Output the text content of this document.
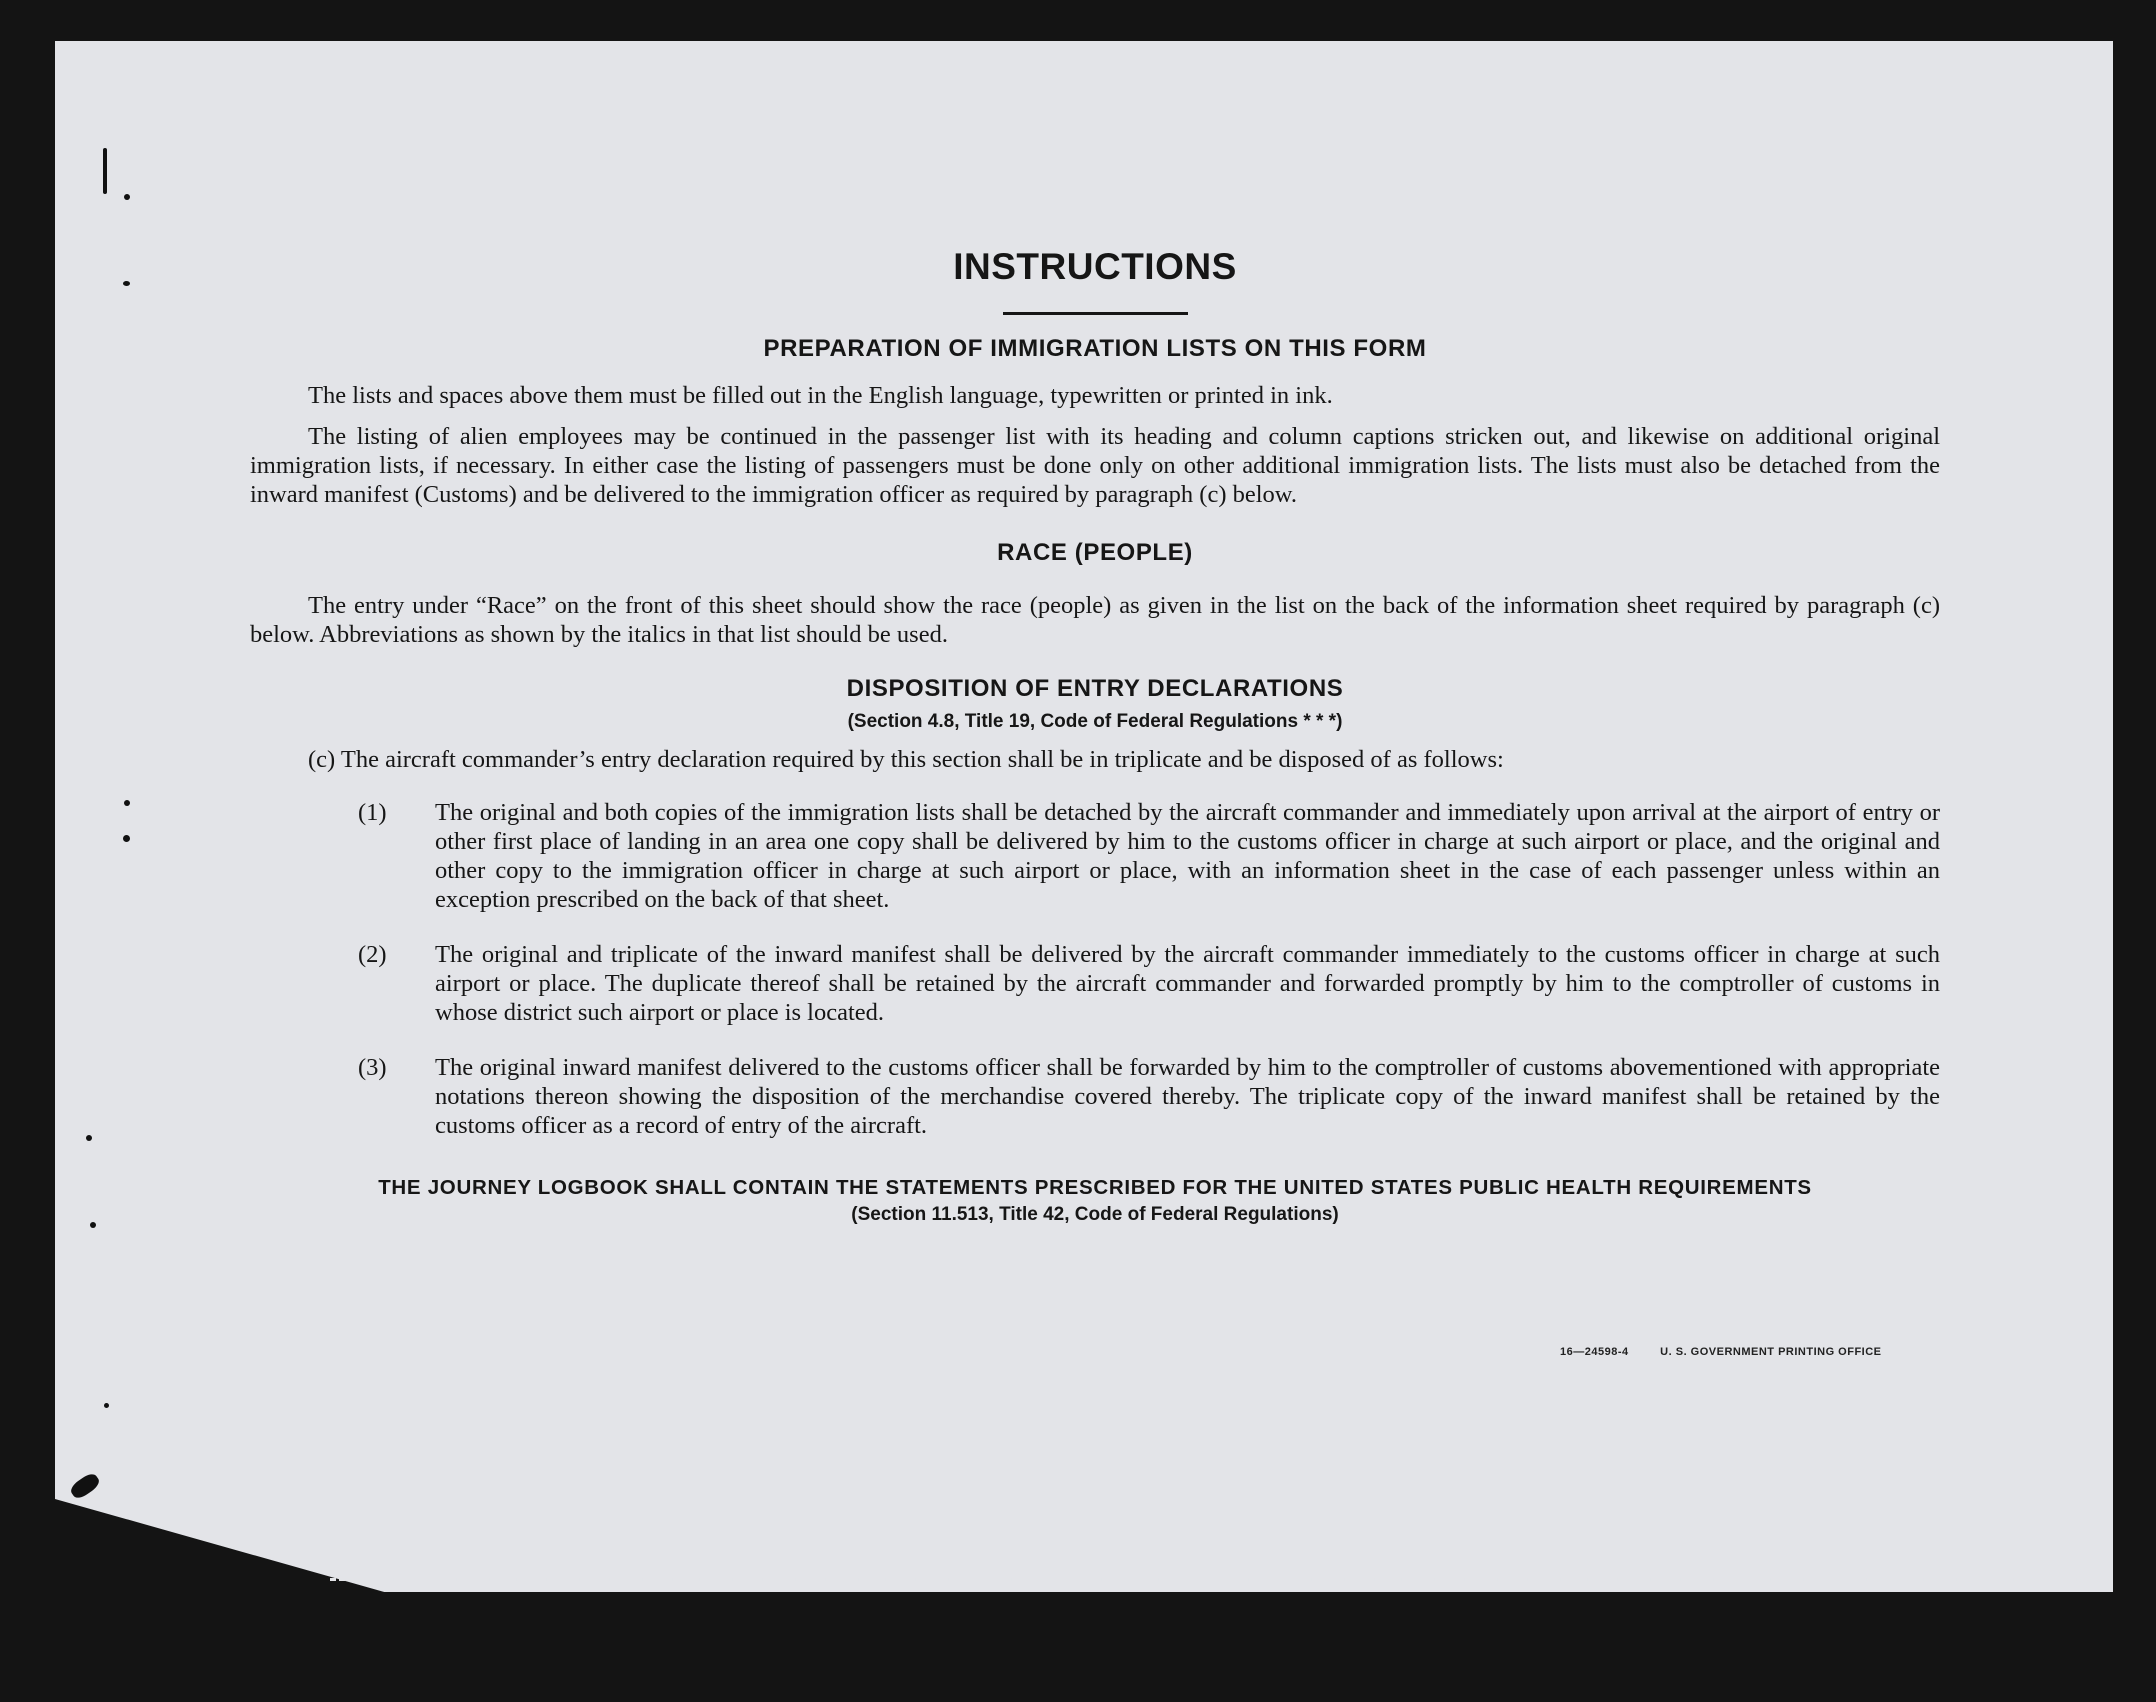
INSTRUCTIONS
PREPARATION OF IMMIGRATION LISTS ON THIS FORM

The lists and spaces above them must be filled out in the English language, typewritten or printed in ink.

The listing of alien employees may be continued in the passenger list with its heading and column captions stricken out, and likewise on additional original immigration lists, if necessary. In either case the listing of passengers must be done only on other additional immigration lists. The lists must also be detached from the inward manifest (Customs) and be delivered to the immigration officer as required by paragraph (c) below.

RACE (PEOPLE)

The entry under “Race” on the front of this sheet should show the race (people) as given in the list on the back of the information sheet required by paragraph (c) below. Abbreviations as shown by the italics in that list should be used.

DISPOSITION OF ENTRY DECLARATIONS
(Section 4.8, Title 19, Code of Federal Regulations * * *)

(c) The aircraft commander’s entry declaration required by this section shall be in triplicate and be disposed of as follows:

(1) The original and both copies of the immigration lists shall be detached by the aircraft commander and immediately upon arrival at the airport of entry or other first place of landing in an area one copy shall be delivered by him to the customs officer in charge at such airport or place, and the original and other copy to the immigration officer in charge at such airport or place, with an information sheet in the case of each passenger unless within an exception prescribed on the back of that sheet.
(2) The original and triplicate of the inward manifest shall be delivered by the aircraft commander immediately to the customs officer in charge at such airport or place. The duplicate thereof shall be retained by the aircraft commander and forwarded promptly by him to the comptroller of customs in whose district such airport or place is located.
(3) The original inward manifest delivered to the customs officer shall be forwarded by him to the comptroller of customs abovementioned with appropriate notations thereon showing the disposition of the merchandise covered thereby. The triplicate copy of the inward manifest shall be retained by the customs officer as a record of entry of the aircraft.
THE JOURNEY LOGBOOK SHALL CONTAIN THE STATEMENTS PRESCRIBED FOR THE UNITED STATES PUBLIC HEALTH REQUIREMENTS
(Section 11.513, Title 42, Code of Federal Regulations)
16—24598-4	U. S. GOVERNMENT PRINTING OFFICE
